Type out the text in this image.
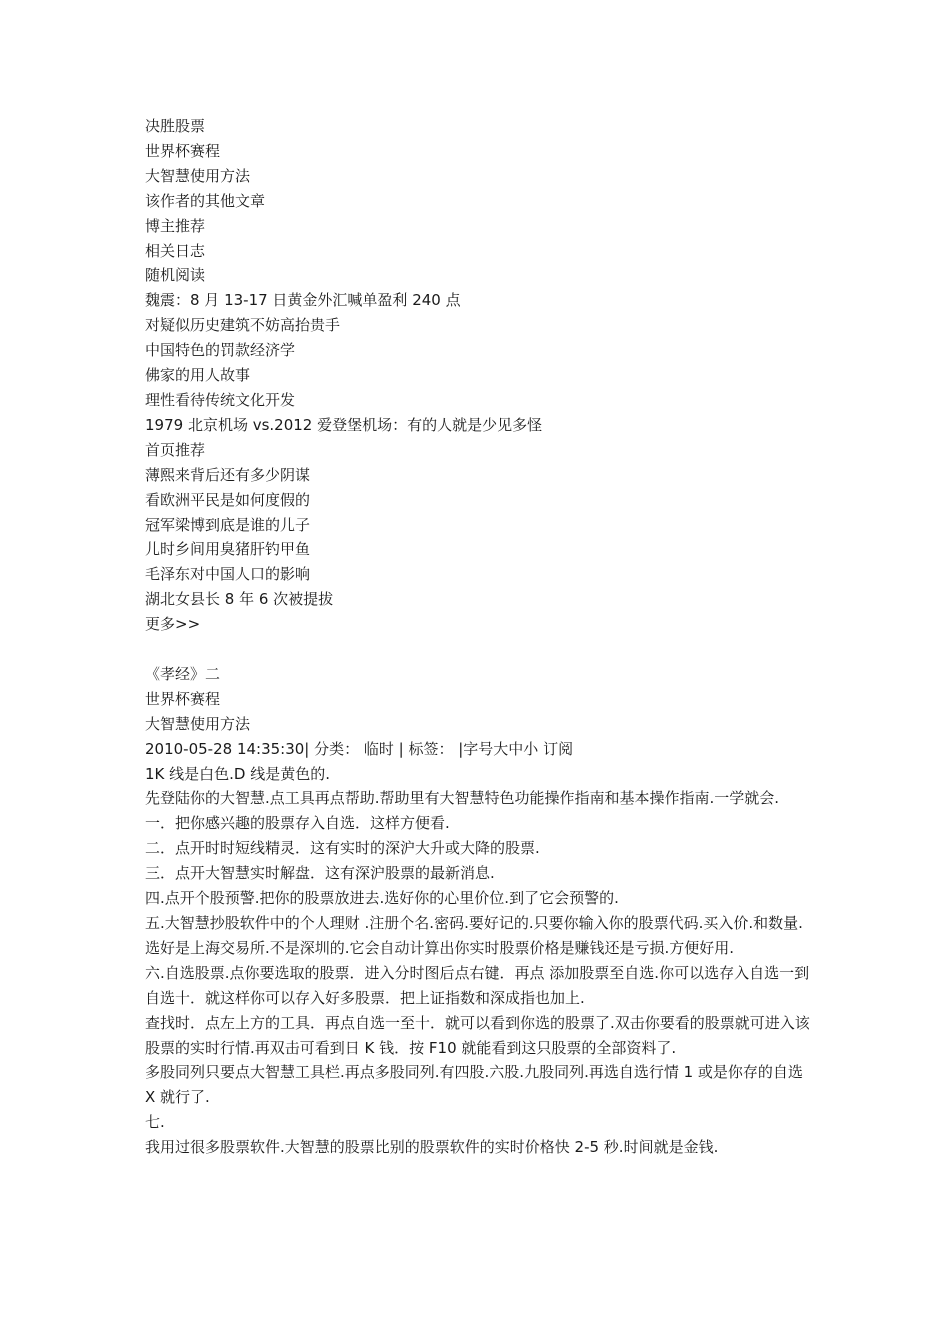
决胜股票

世界杯赛程

大智慧使用方法

该作者的其他文章

博主推荐

相关日志

随机阅读

魏震：8 月 13-17 日黄金外汇喊单盈利 240 点

对疑似历史建筑不妨高抬贵手

中国特色的罚款经济学

佛家的用人故事

理性看待传统文化开发

1979 北京机场 vs.2012 爱登堡机场：有的人就是少见多怪

首页推荐

薄熙来背后还有多少阴谋

看欧洲平民是如何度假的

冠军梁博到底是谁的儿子

儿时乡间用臭猪肝钓甲鱼

毛泽东对中国人口的影响

湖北女县长 8 年 6 次被提拔

更多>>

《孝经》二

世界杯赛程

大智慧使用方法

2010-05-28 14:35:30| 分类： 临时 | 标签： |字号大中小 订阅

1K 线是白色.D 线是黄色的.

先登陆你的大智慧.点工具再点帮助.帮助里有大智慧特色功能操作指南和基本操作指南.一学就会.

一．把你感兴趣的股票存入自选．这样方便看.

二．点开时时短线精灵．这有实时的深沪大升或大降的股票.

三．点开大智慧实时解盘．这有深沪股票的最新消息.

四.点开个股预警.把你的股票放进去.选好你的心里价位.到了它会预警的.

五.大智慧抄股软件中的个人理财 .注册个名.密码.要好记的.只要你输入你的股票代码.买入价.和数量.选好是上海交易所.不是深圳的.它会自动计算出你实时股票价格是赚钱还是亏损.方便好用.

六.自选股票.点你要选取的股票．进入分时图后点右键．再点 添加股票至自选.你可以选存入自选一到自选十．就这样你可以存入好多股票．把上证指数和深成指也加上.

查找时．点左上方的工具．再点自选一至十．就可以看到你选的股票了.双击你要看的股票就可进入该股票的实时行情.再双击可看到日 K 钱．按 F10 就能看到这只股票的全部资料了.

多股同列只要点大智慧工具栏.再点多股同列.有四股.六股.九股同列.再选自选行情 1 或是你存的自选 X 就行了.

七.

我用过很多股票软件.大智慧的股票比别的股票软件的实时价格快 2-5 秒.时间就是金钱.
